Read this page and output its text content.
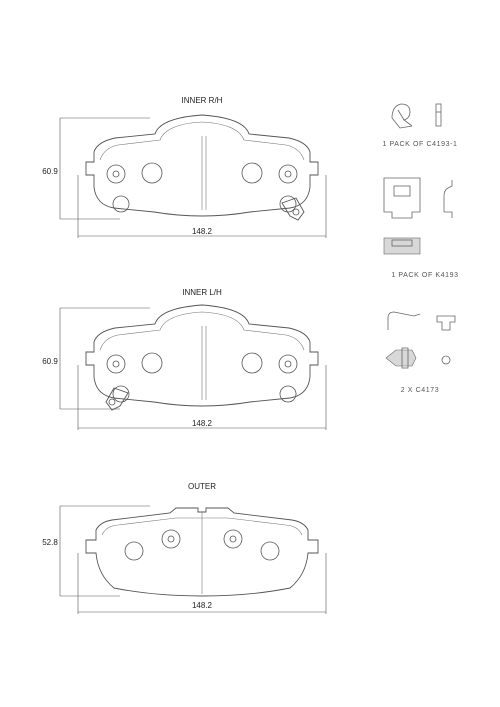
INNER R/H
60.9
148.2
INNER L/H
60.9
148.2
OUTER
52.8
148.2
1 PACK OF C4193-1
1 PACK OF K4193
2 X C4173
